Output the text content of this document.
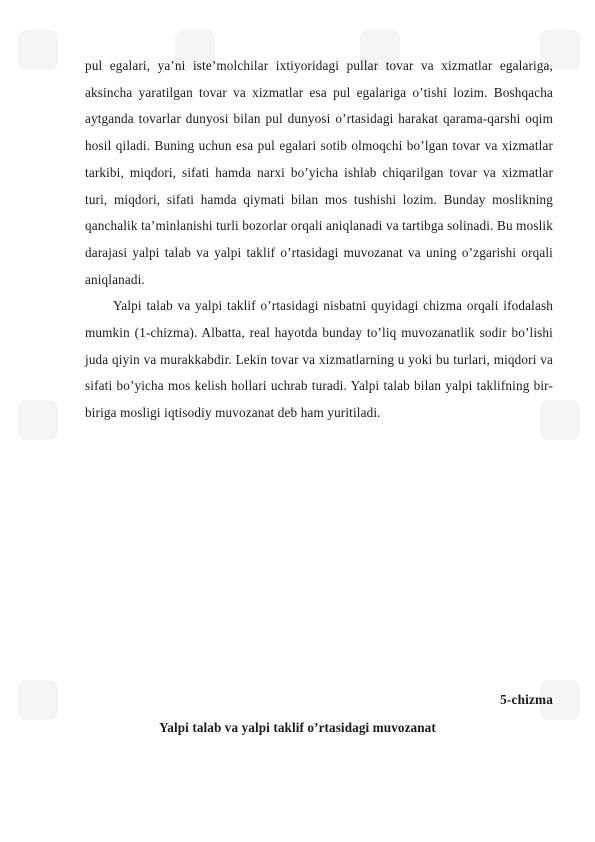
pul egalari, ya’ni iste’molchilar ixtiyoridagi pullar tovar va xizmatlar egalariga, aksincha yaratilgan tovar va xizmatlar esa pul egalariga o’tishi lozim. Boshqacha aytganda tovarlar dunyosi bilan pul dunyosi o’rtasidagi harakat qarama-qarshi oqim hosil qiladi. Buning uchun esa pul egalari sotib olmoqchi bo’lgan tovar va xizmatlar tarkibi, miqdori, sifati hamda narxi bo’yicha ishlab chiqarilgan tovar va xizmatlar turi, miqdori, sifati hamda qiymati bilan mos tushishi lozim. Bunday moslikning qanchalik ta’minlanishi turli bozorlar orqali aniqlanadi va tartibga solinadi. Bu moslik darajasi yalpi talab va yalpi taklif o’rtasidagi muvozanat va uning o’zgarishi orqali aniqlanadi.

Yalpi talab va yalpi taklif o’rtasidagi nisbatni quyidagi chizma orqali ifodalash mumkin (1-chizma). Albatta, real hayotda bunday to’liq muvozanatlik sodir bo’lishi juda qiyin va murakkabdir. Lekin tovar va xizmatlarning u yoki bu turlari, miqdori va sifati bo’yicha mos kelish hollari uchrab turadi. Yalpi talab bilan yalpi taklifning bir-biriga mosligi iqtisodiy muvozanat deb ham yuritiladi.

5-chizma
Yalpi talab va yalpi taklif o’rtasidagi muvozanat
